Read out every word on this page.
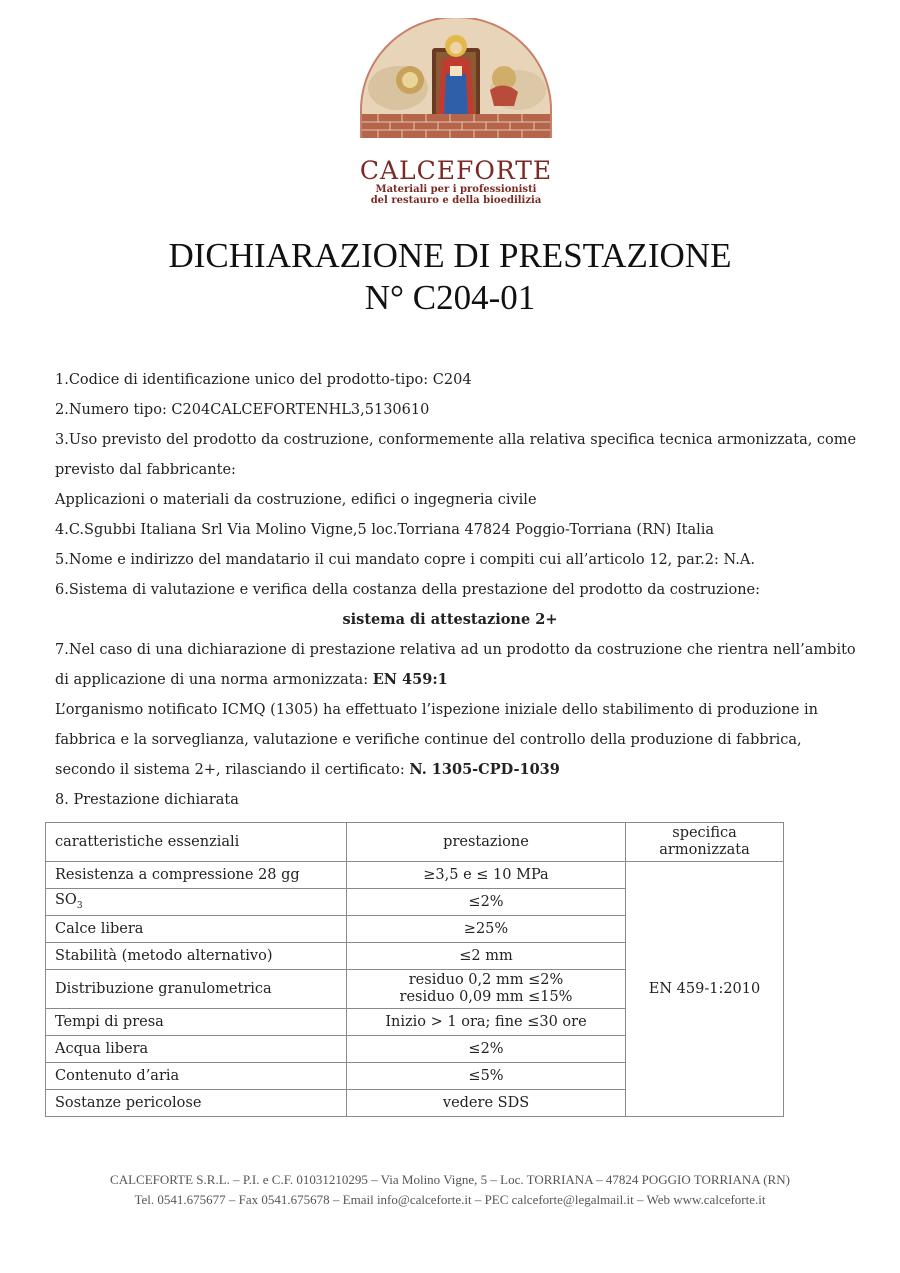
CALCEFORTE
Materiali per i professionisti
del restauro e della bioedilizia
DICHIARAZIONE DI PRESTAZIONE
N° C204-01
1.Codice di identificazione unico del prodotto-tipo: C204
2.Numero tipo: C204CALCEFORTENHL3,5130610
3.Uso previsto del prodotto da costruzione, conformemente alla relativa specifica tecnica armonizzata, come
previsto dal fabbricante:
Applicazioni o materiali da costruzione, edifici o ingegneria civile
4.C.Sgubbi Italiana Srl Via Molino Vigne,5 loc.Torriana 47824 Poggio-Torriana (RN) Italia
5.Nome e indirizzo del mandatario il cui mandato copre i compiti cui all’articolo 12, par.2: N.A.
6.Sistema di valutazione e verifica della costanza della prestazione del prodotto da costruzione:
sistema di attestazione 2+
7.Nel caso di una dichiarazione di prestazione relativa ad un prodotto da costruzione che rientra nell’ambito
di applicazione di una norma armonizzata: EN 459:1
L’organismo notificato ICMQ (1305) ha effettuato l’ispezione iniziale dello stabilimento di produzione in
fabbrica e la sorveglianza, valutazione e verifiche continue del controllo della produzione di fabbrica,
secondo il sistema 2+, rilasciando il certificato: N. 1305-CPD-1039
8. Prestazione dichiarata
caratteristiche essenziali	prestazione	specifica
armonizzata
Resistenza a compressione 28 gg	≥3,5 e ≤ 10 MPa	EN 459-1:2010
$SO_3$	≤2%	
Calce libera	≥25%	
Stabilità (metodo alternativo)	≤2 mm	
Distribuzione granulometrica	residuo 0,2 mm ≤2%
residuo 0,09 mm ≤15%	
Tempi di presa	Inizio > 1 ora; fine ≤30 ore	
Acqua libera	≤2%	
Contenuto d’aria	≤5%	
Sostanze pericolose	vedere SDS	
CALCEFORTE S.R.L. – P.I. e C.F. 01031210295 – Via Molino Vigne, 5 – Loc. TORRIANA – 47824 POGGIO TORRIANA (RN)
Tel. 0541.675677 – Fax 0541.675678 – Email info@calceforte.it – PEC calceforte@legalmail.it – Web www.calceforte.it
